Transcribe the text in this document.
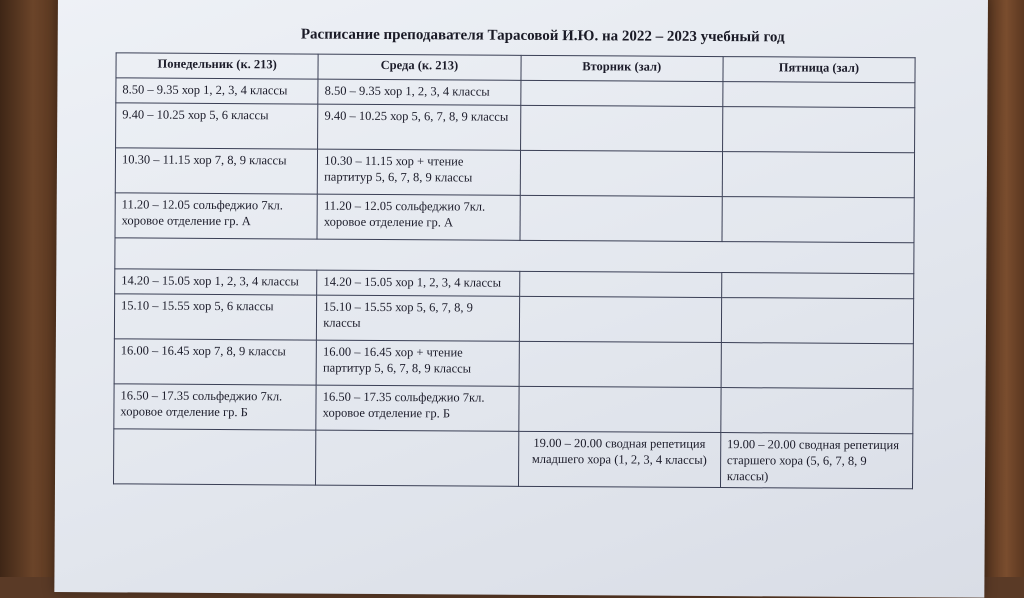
Расписание преподавателя Тарасовой И.Ю. на 2022 – 2023 учебный год
Понедельник (к. 213)	Среда (к. 213)	Вторник (зал)	Пятница (зал)
8.50 – 9.35 хор 1, 2, 3, 4 классы	8.50 – 9.35 хор 1, 2, 3, 4 классы		
9.40 – 10.25 хор 5, 6 классы	9.40 – 10.25 хор 5, 6, 7, 8, 9 классы		
10.30 – 11.15 хор 7, 8, 9 классы	10.30 – 11.15 хор + чтение партитур 5, 6, 7, 8, 9 классы		
11.20 – 12.05 сольфеджио 7кл. хоровое отделение гр. А	11.20 – 12.05 сольфеджио 7кл. хоровое отделение гр. А		

14.20 – 15.05 хор 1, 2, 3, 4 классы	14.20 – 15.05 хор 1, 2, 3, 4 классы		
15.10 – 15.55 хор 5, 6 классы	15.10 – 15.55 хор 5, 6, 7, 8, 9 классы		
16.00 – 16.45 хор 7, 8, 9 классы	16.00 – 16.45 хор + чтение партитур 5, 6, 7, 8, 9 классы		
16.50 – 17.35 сольфеджио 7кл. хоровое отделение гр. Б	16.50 – 17.35 сольфеджио 7кл. хоровое отделение гр. Б		
		19.00 – 20.00 сводная репетиция младшего хора (1, 2, 3, 4 классы)	19.00 – 20.00 сводная репетиция старшего хора (5, 6, 7, 8, 9 классы)
